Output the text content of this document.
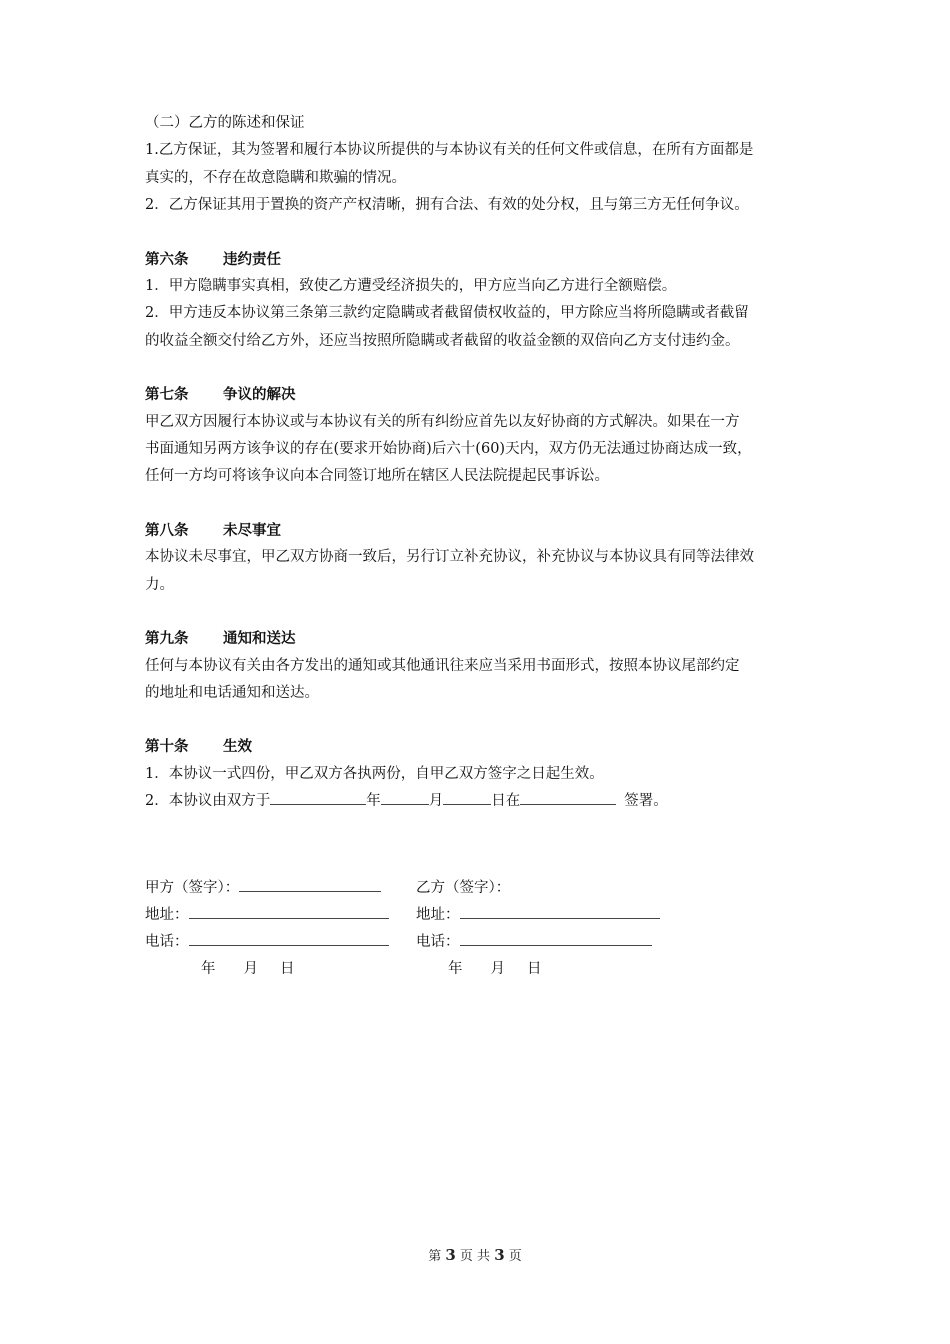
（二）乙方的陈述和保证

1.乙方保证，其为签署和履行本协议所提供的与本协议有关的任何文件或信息，在所有方面都是

真实的，不存在故意隐瞒和欺骗的情况。

2．乙方保证其用于置换的资产产权清晰，拥有合法、有效的处分权，且与第三方无任何争议。

第六条 违约责任

1．甲方隐瞒事实真相，致使乙方遭受经济损失的，甲方应当向乙方进行全额赔偿。

2．甲方违反本协议第三条第三款约定隐瞒或者截留债权收益的，甲方除应当将所隐瞒或者截留

的收益全额交付给乙方外，还应当按照所隐瞒或者截留的收益金额的双倍向乙方支付违约金。

第七条 争议的解决

甲乙双方因履行本协议或与本协议有关的所有纠纷应首先以友好协商的方式解决。如果在一方

书面通知另两方该争议的存在(要求开始协商)后六十(60)天内，双方仍无法通过协商达成一致，

任何一方均可将该争议向本合同签订地所在辖区人民法院提起民事诉讼。

第八条 未尽事宜

本协议未尽事宜，甲乙双方协商一致后，另行订立补充协议，补充协议与本协议具有同等法律效

力。

第九条 通知和送达

任何与本协议有关由各方发出的通知或其他通讯往来应当采用书面形式，按照本协议尾部约定

的地址和电话通知和送达。

第十条 生效

1．本协议一式四份，甲乙双方各执两份，自甲乙双方签字之日起生效。

2．本协议由双方于	年	月	日在	签署。

甲方（签字）：	乙方（签字）：
地址：	地址：
电话：	电话：
年 月 日	年 月 日
第 3 页 共 3 页
